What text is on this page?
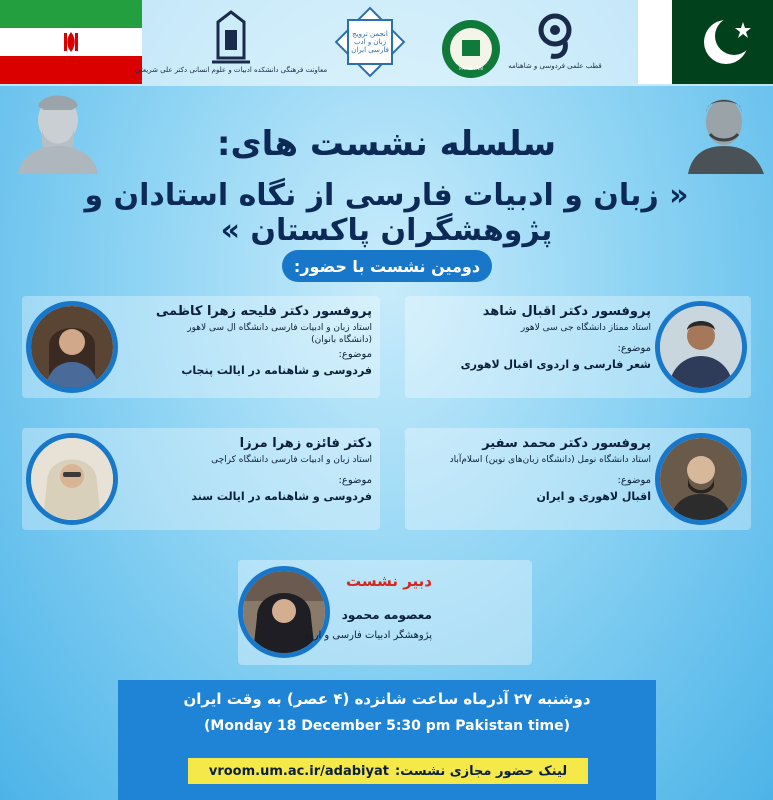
معاونت فرهنگی دانشکده ادبیات و علوم انسانی دکتر علی شریعتی
انجمن ترویج زبان و ادب فارسی ایران
PAKISTAN	قطب علمی فردوسی و شاهنامه
سلسله نشست های:
« زبان و ادبیات فارسی از نگاه استادان و پژوهشگران پاکستان »
دومین نشست با حضور:
پروفسور دکتر اقبال شاهد
استاد ممتاز دانشگاه جی سی لاهور
موضوع:
شعر فارسی و اردوی اقبال لاهوری
پروفسور دکتر فلیحه زهرا کاظمی
استاد زبان و ادبیات فارسی دانشگاه ال سی لاهور
(دانشگاه بانوان)
موضوع:
فردوسی و شاهنامه در ایالت پنجاب
پروفسور دکتر محمد سفیر
استاد دانشگاه نومل (دانشگاه زبان‌های نوین) اسلام‌آباد
موضوع:
اقبال لاهوری و ایران
دکتر فائزه زهرا مرزا
استاد زبان و ادبیات فارسی دانشگاه کراچی
موضوع:
فردوسی و شاهنامه در ایالت سند
دبیر نشست
معصومه محمود
پژوهشگر ادبیات فارسی و اردو
دوشنبه ۲۷ آذرماه ساعت شانزده (۴ عصر) به وقت ایران
(Monday 18 December 5:30 pm Pakistan time)
vroom.um.ac.ir/adabiyat لینک حضور مجازی نشست:
